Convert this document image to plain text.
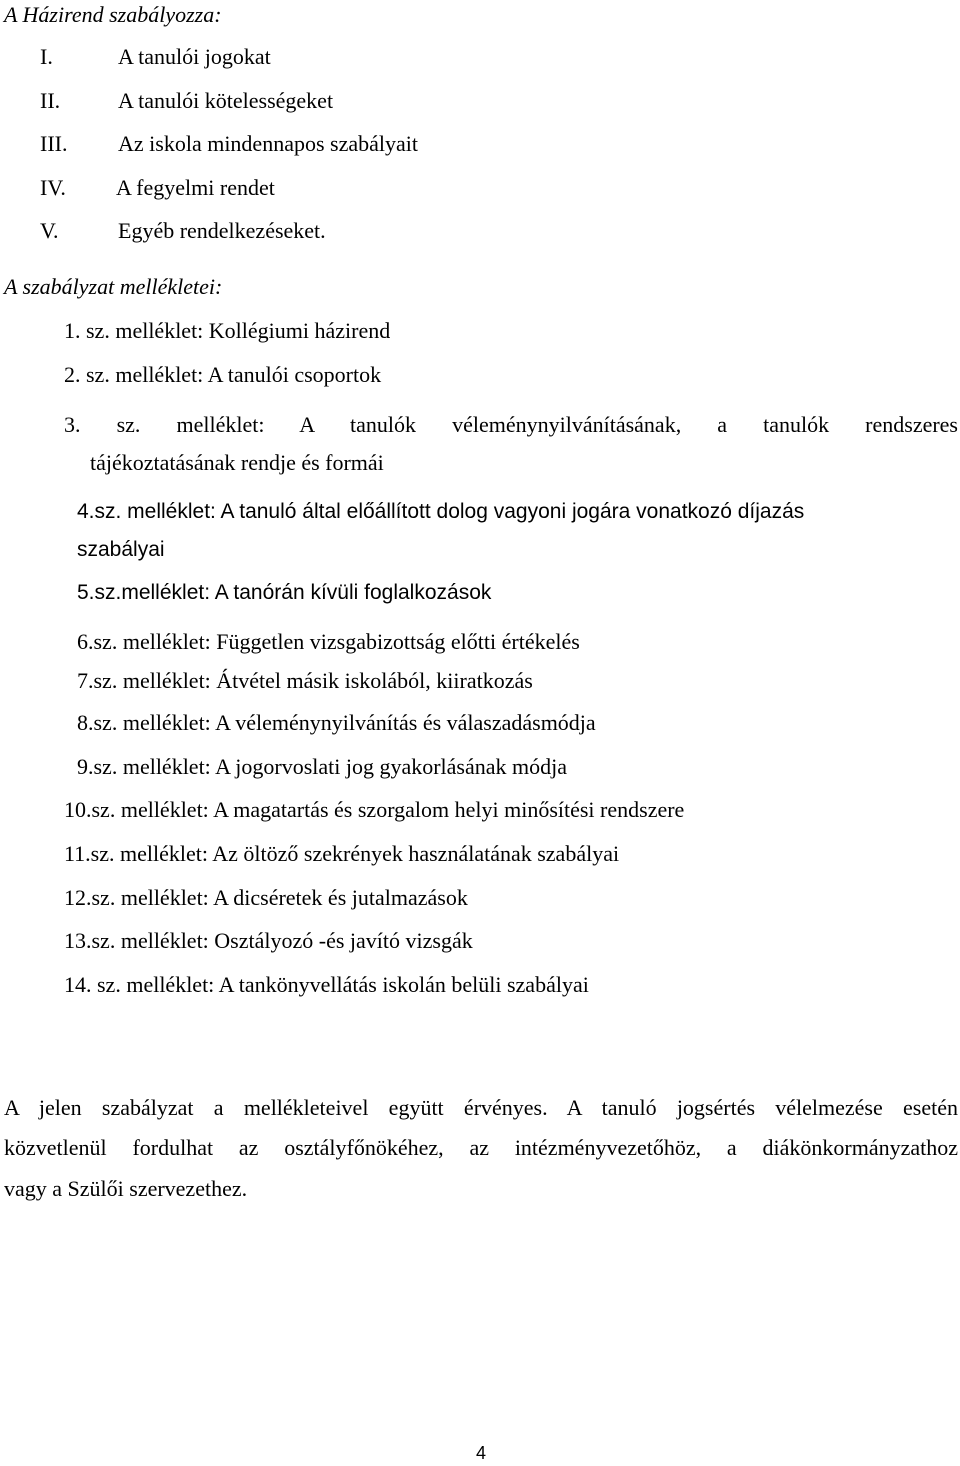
A Házirend szabályozza:
I.	A tanulói jogokat
II.	A tanulói kötelességeket
III. Az iskola mindennapos szabályait
IV. A fegyelmi rendet
V.	Egyéb rendelkezéseket.
A szabályzat mellékletei:
1. sz. melléklet: Kollégiumi házirend
2. sz. melléklet: A tanulói csoportok
3. sz. melléklet: A tanulók véleménynyilvánításának, a tanulók rendszeres
tájékoztatásának rendje és formái
4.sz. melléklet: A tanuló által előállított dolog vagyoni jogára vonatkozó díjazás
szabályai
5.sz.melléklet: A tanórán kívüli foglalkozások
6.sz. melléklet: Független vizsgabizottság előtti értékelés
7.sz. melléklet: Átvétel másik iskolából, kiiratkozás
8.sz. melléklet: A véleménynyilvánítás és válaszadásmódja
9.sz. melléklet: A jogorvoslati jog gyakorlásának módja
10.sz. melléklet: A magatartás és szorgalom helyi minősítési rendszere
11.sz. melléklet: Az öltöző szekrények használatának szabályai
12.sz. melléklet: A dicséretek és jutalmazások
13.sz. melléklet: Osztályozó -és javító vizsgák
14. sz. melléklet: A tankönyvellátás iskolán belüli szabályai
A jelen szabályzat a mellékleteivel együtt érvényes. A tanuló jogsértés vélelmezése esetén
közvetlenül fordulhat az osztályfőnökéhez, az intézményvezetőhöz, a diákönkormányzathoz
vagy a Szülői szervezethez.
4
